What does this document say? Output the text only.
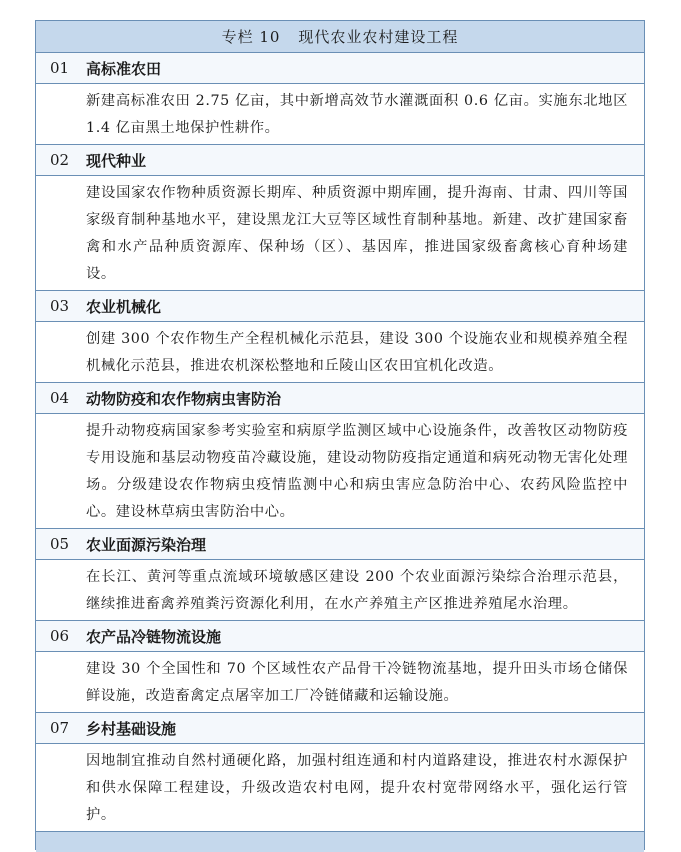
专栏 10 现代农业农村建设工程
01	高标准农田
新建高标准农田 2.75 亿亩，其中新增高效节水灌溉面积 0.6 亿亩。实施东北地区 1.4 亿亩黑土地保护性耕作。
02	现代种业
建设国家农作物种质资源长期库、种质资源中期库圃，提升海南、甘肃、四川等国家级育制种基地水平，建设黑龙江大豆等区域性育制种基地。新建、改扩建国家畜禽和水产品种质资源库、保种场（区）、基因库，推进国家级畜禽核心育种场建设。
03	农业机械化
创建 300 个农作物生产全程机械化示范县，建设 300 个设施农业和规模养殖全程机械化示范县，推进农机深松整地和丘陵山区农田宜机化改造。
04	动物防疫和农作物病虫害防治
提升动物疫病国家参考实验室和病原学监测区域中心设施条件，改善牧区动物防疫专用设施和基层动物疫苗冷藏设施，建设动物防疫指定通道和病死动物无害化处理场。分级建设农作物病虫疫情监测中心和病虫害应急防治中心、农药风险监控中心。建设林草病虫害防治中心。
05	农业面源污染治理
在长江、黄河等重点流域环境敏感区建设 200 个农业面源污染综合治理示范县，继续推进畜禽养殖粪污资源化利用，在水产养殖主产区推进养殖尾水治理。
06	农产品冷链物流设施
建设 30 个全国性和 70 个区域性农产品骨干冷链物流基地，提升田头市场仓储保鲜设施，改造畜禽定点屠宰加工厂冷链储藏和运输设施。
07	乡村基础设施
因地制宜推动自然村通硬化路，加强村组连通和村内道路建设，推进农村水源保护和供水保障工程建设，升级改造农村电网，提升农村宽带网络水平，强化运行管护。
